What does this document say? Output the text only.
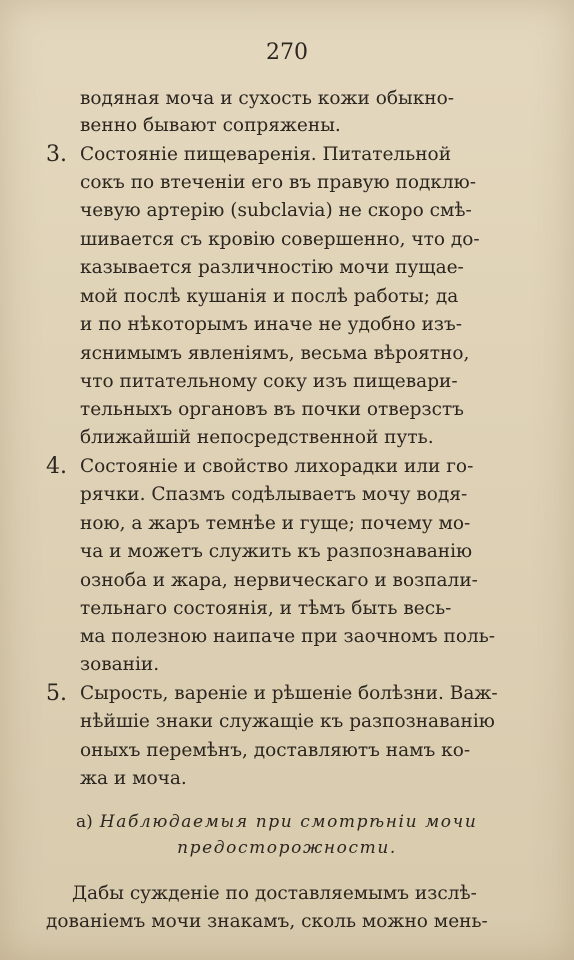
270
водяная моча и сухость кожи обыкно-
венно бывают сопряжены.
3. Состояніе пищеваренія. Питательной
сокъ по втеченіи его въ правую подклю-
чевую артерію (subclavia) не скоро смѣ-
шивается съ кровію совершенно, что до-
казывается различностію мочи пущае-
мой послѣ кушанія и послѣ работы; да
и по нѣкоторымъ иначе не удобно изъ-
яснимымъ явленіямъ, весьма вѣроятно,
что питательному соку изъ пищевари-
тельныхъ органовъ въ почки отверзстъ
ближайшій непосредственной путь.
4. Состояніе и свойство лихорадки или го-
рячки. Спазмъ содѣлываетъ мочу водя-
ною, а жаръ темнѣе и гуще; почему мо-
ча и можетъ служить къ разпознаванію
озноба и жара, нервическаго и возпали-
тельнаго состоянія, и тѣмъ быть весь-
ма полезною наипаче при заочномъ поль-
зованіи.
5. Сырость, вареніе и рѣшеніе болѣзни. Важ-
нѣйшіе знаки служащіе къ разпознаванію
оныхъ перемѣнъ, доставляютъ намъ ко-
жа и моча.
а) Наблюдаемыя при смотрѣніи мочи
предосторожности.
Дабы сужденіе по доставляемымъ изслѣ-
дованіемъ мочи знакамъ, сколь можно мень-
